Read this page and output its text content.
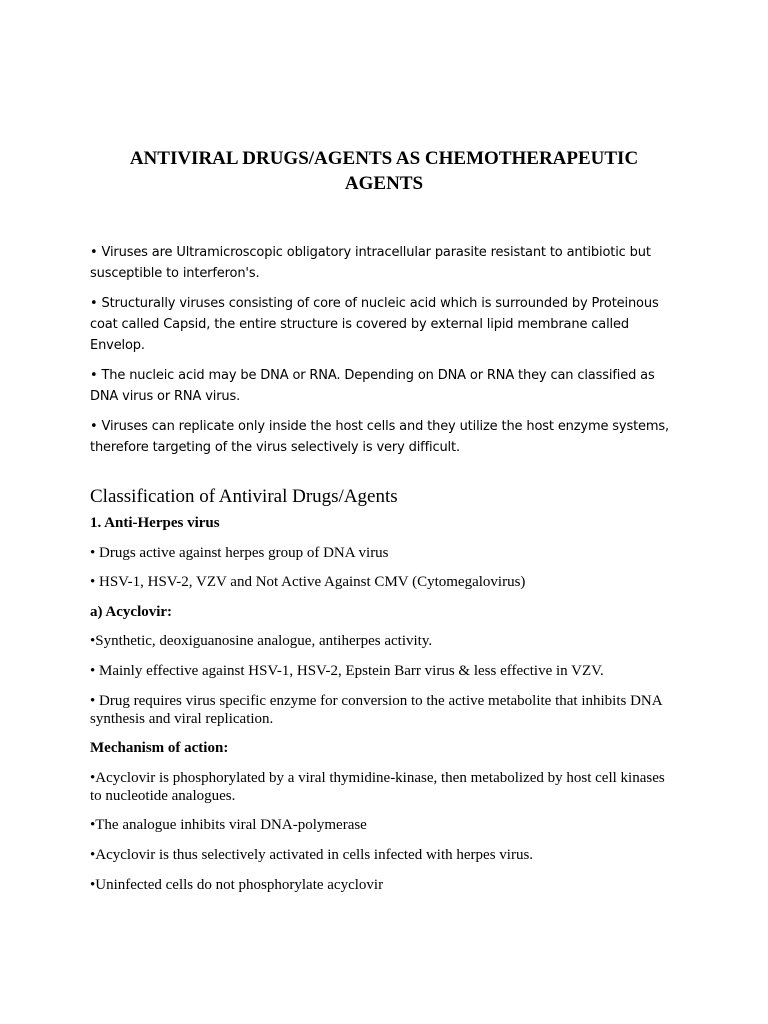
ANTIVIRAL DRUGS/AGENTS AS CHEMOTHERAPEUTIC AGENTS
• Viruses are Ultramicroscopic obligatory intracellular parasite resistant to antibiotic but susceptible to interferon's.
• Structurally viruses consisting of core of nucleic acid which is surrounded by Proteinous coat called Capsid, the entire structure is covered by external lipid membrane called Envelop.
• The nucleic acid may be DNA or RNA. Depending on DNA or RNA they can classified as DNA virus or RNA virus.
• Viruses can replicate only inside the host cells and they utilize the host enzyme systems, therefore targeting of the virus selectively is very difficult.
Classification of Antiviral Drugs/Agents

1. Anti-Herpes virus

• Drugs active against herpes group of DNA virus

• HSV-1, HSV-2, VZV and Not Active Against CMV (Cytomegalovirus)

a) Acyclovir:

•Synthetic, deoxiguanosine analogue, antiherpes activity.

• Mainly effective against HSV-1, HSV-2, Epstein Barr virus & less effective in VZV.

• Drug requires virus specific enzyme for conversion to the active metabolite that inhibits DNA synthesis and viral replication.

Mechanism of action:

•Acyclovir is phosphorylated by a viral thymidine-kinase, then metabolized by host cell kinases to nucleotide analogues.

•The analogue inhibits viral DNA-polymerase

•Acyclovir is thus selectively activated in cells infected with herpes virus.

•Uninfected cells do not phosphorylate acyclovir
